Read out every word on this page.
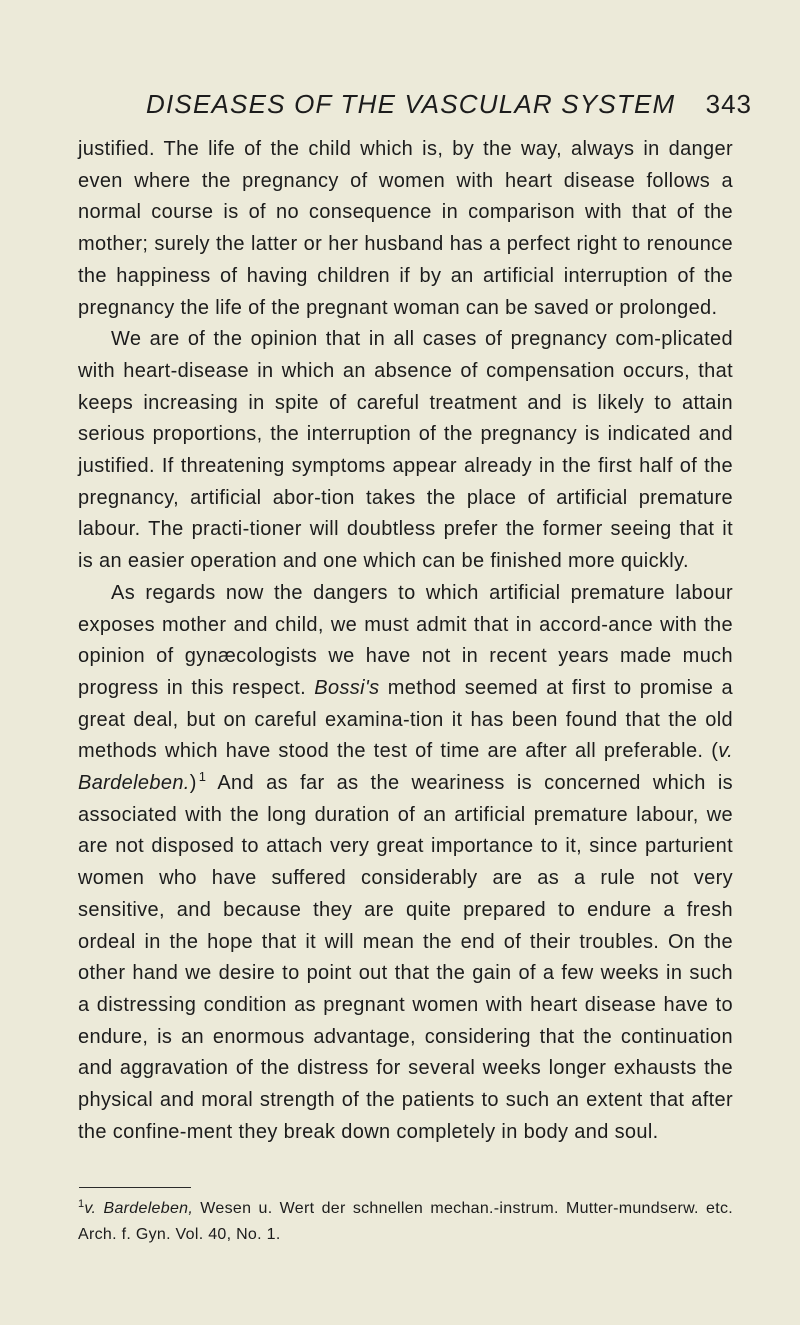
DISEASES OF THE VASCULAR SYSTEM 343

justified. The life of the child which is, by the way, always in danger even where the pregnancy of women with heart disease follows a normal course is of no consequence in comparison with that of the mother; surely the latter or her husband has a perfect right to renounce the happiness of having children if by an artificial interruption of the pregnancy the life of the pregnant woman can be saved or prolonged.

We are of the opinion that in all cases of pregnancy com-plicated with heart-disease in which an absence of compensation occurs, that keeps increasing in spite of careful treatment and is likely to attain serious proportions, the interruption of the pregnancy is indicated and justified. If threatening symptoms appear already in the first half of the pregnancy, artificial abor-tion takes the place of artificial premature labour. The practi-tioner will doubtless prefer the former seeing that it is an easier operation and one which can be finished more quickly.

As regards now the dangers to which artificial premature labour exposes mother and child, we must admit that in accord-ance with the opinion of gynæcologists we have not in recent years made much progress in this respect. Bossi's method seemed at first to promise a great deal, but on careful examina-tion it has been found that the old methods which have stood the test of time are after all preferable. (v. Bardeleben.) $^1$ And as far as the weariness is concerned which is associated with the long duration of an artificial premature labour, we are not disposed to attach very great importance to it, since parturient women who have suffered considerably are as a rule not very sensitive, and because they are quite prepared to endure a fresh ordeal in the hope that it will mean the end of their troubles. On the other hand we desire to point out that the gain of a few weeks in such a distressing condition as pregnant women with heart disease have to endure, is an enormous advantage, considering that the continuation and aggravation of the distress for several weeks longer exhausts the physical and moral strength of the patients to such an extent that after the confine-ment they break down completely in body and soul.

$^1$v. Bardeleben, Wesen u. Wert der schnellen mechan.-instrum. Mutter-mundserw. etc. Arch. f. Gyn. Vol. 40, No. 1.
